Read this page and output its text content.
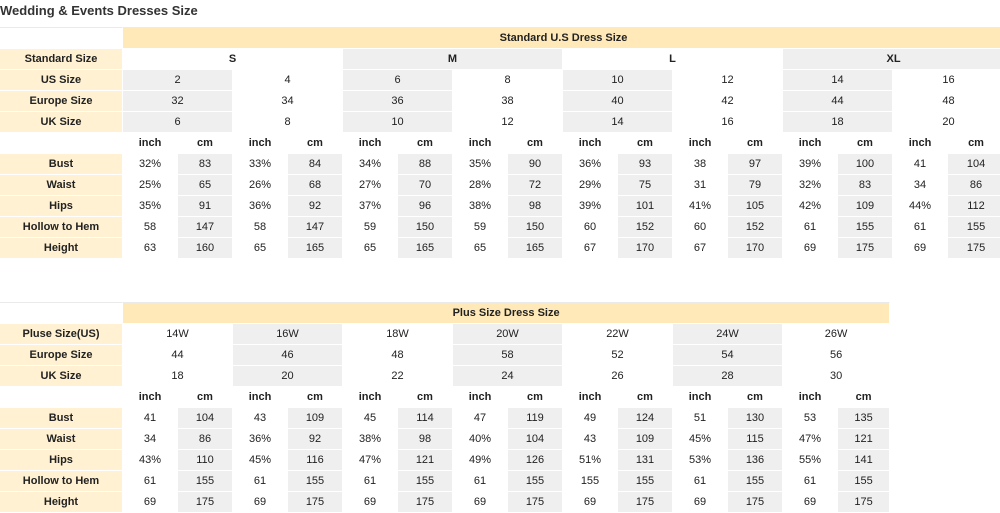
Wedding & Events Dresses Size
	Standard U.S Dress Size															
Standard Size	S				M				L				XL			
US Size	2		4		6		8		10		12		14		16	
Europe Size	32		34		36		38		40		42		44		48	
UK Size	6		8		10		12		14		16		18		20	
	inch	cm	inch	cm	inch	cm	inch	cm	inch	cm	inch	cm	inch	cm	inch	cm
Bust	32%	83	33%	84	34%	88	35%	90	36%	93	38	97	39%	100	41	104
Waist	25%	65	26%	68	27%	70	28%	72	29%	75	31	79	32%	83	34	86
Hips	35%	91	36%	92	37%	96	38%	98	39%	101	41%	105	42%	109	44%	112
Hollow to Hem	58	147	58	147	59	150	59	150	60	152	60	152	61	155	61	155
Height	63	160	65	165	65	165	65	165	67	170	67	170	69	175	69	175
	Plus Size Dress Size													
Pluse Size(US)	14W		16W		18W		20W		22W		24W		26W	
Europe Size	44		46		48		58		52		54		56	
UK Size	18		20		22		24		26		28		30	
	inch	cm	inch	cm	inch	cm	inch	cm	inch	cm	inch	cm	inch	cm
Bust	41	104	43	109	45	114	47	119	49	124	51	130	53	135
Waist	34	86	36%	92	38%	98	40%	104	43	109	45%	115	47%	121
Hips	43%	110	45%	116	47%	121	49%	126	51%	131	53%	136	55%	141
Hollow to Hem	61	155	61	155	61	155	61	155	155	155	61	155	61	155
Height	69	175	69	175	69	175	69	175	69	175	69	175	69	175
